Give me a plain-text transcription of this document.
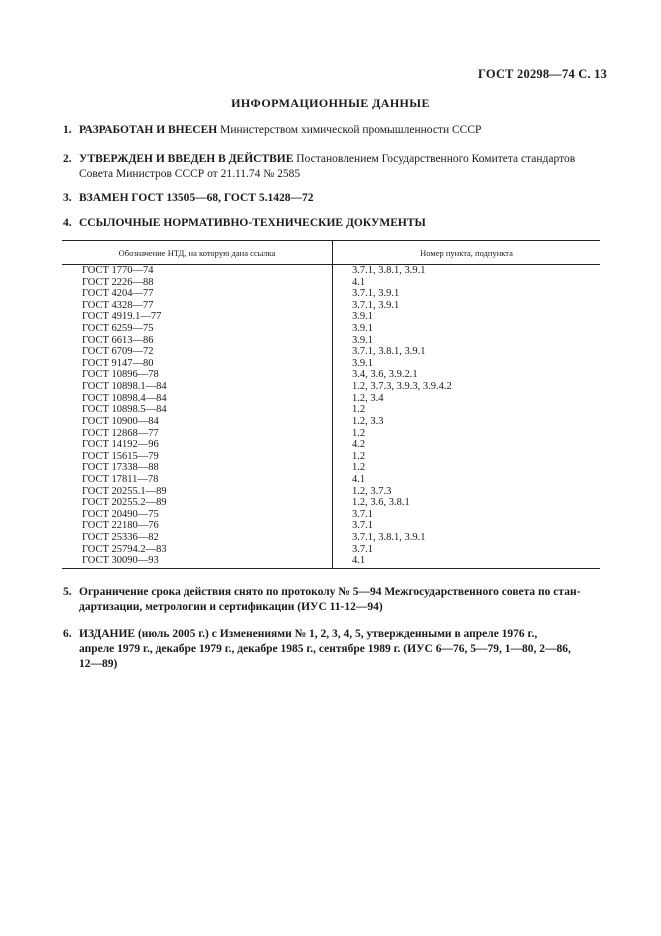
ГОСТ 20298—74 С. 13
ИНФОРМАЦИОННЫЕ ДАННЫЕ
1. РАЗРАБОТАН И ВНЕСЕН Министерством химической промышленности СССР
2. УТВЕРЖДЕН И ВВЕДЕН В ДЕЙСТВИЕ Постановлением Государственного Комитета стандартов
Совета Министров СССР от 21.11.74 № 2585
3. ВЗАМЕН ГОСТ 13505—68, ГОСТ 5.1428—72
4. ССЫЛОЧНЫЕ НОРМАТИВНО-ТЕХНИЧЕСКИЕ ДОКУМЕНТЫ
Обозначение НТД, на которую дана ссылка	Номер пункта, подпункта
ГОСТ 1770—74	3.7.1, 3.8.1, 3.9.1
ГОСТ 2226—88	4.1
ГОСТ 4204—77	3.7.1, 3.9.1
ГОСТ 4328—77	3.7.1, 3.9.1
ГОСТ 4919.1—77	3.9.1
ГОСТ 6259—75	3.9.1
ГОСТ 6613—86	3.9.1
ГОСТ 6709—72	3.7.1, 3.8.1, 3.9.1
ГОСТ 9147—80	3.9.1
ГОСТ 10896—78	3.4, 3.6, 3.9.2.1
ГОСТ 10898.1—84	1.2, 3.7.3, 3.9.3, 3.9.4.2
ГОСТ 10898.4—84	1.2, 3.4
ГОСТ 10898.5—84	1.2
ГОСТ 10900—84	1.2, 3.3
ГОСТ 12868—77	1.2
ГОСТ 14192—96	4.2
ГОСТ 15615—79	1.2
ГОСТ 17338—88	1.2
ГОСТ 17811—78	4.1
ГОСТ 20255.1—89	1.2, 3.7.3
ГОСТ 20255.2—89	1.2, 3.6, 3.8.1
ГОСТ 20490—75	3.7.1
ГОСТ 22180—76	3.7.1
ГОСТ 25336—82	3.7.1, 3.8.1, 3.9.1
ГОСТ 25794.2—83	3.7.1
ГОСТ 30090—93	4.1
5. Ограничение срока действия снято по протоколу № 5—94 Межгосударственного совета по стан-
дартизации, метрологии и сертификации (ИУС 11-12—94)
6. ИЗДАНИЕ (июль 2005 г.) с Изменениями № 1, 2, 3, 4, 5, утвержденными в апреле 1976 г.,
апреле 1979 г., декабре 1979 г., декабре 1985 г., сентябре 1989 г. (ИУС 6—76, 5—79, 1—80, 2—86,
12—89)
